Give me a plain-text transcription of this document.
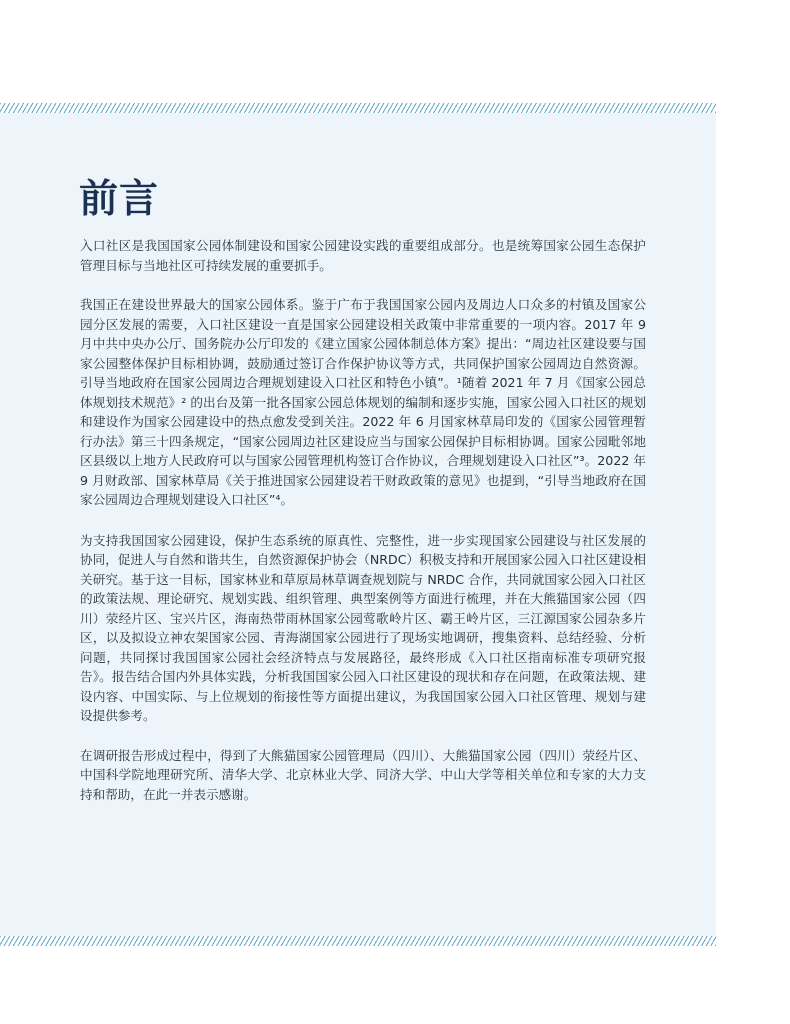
前言

入口社区是我国国家公园体制建设和国家公园建设实践的重要组成部分。也是统筹国家公园生态保护管理目标与当地社区可持续发展的重要抓手。

我国正在建设世界最大的国家公园体系。鉴于广布于我国国家公园内及周边人口众多的村镇及国家公园分区发展的需要，入口社区建设一直是国家公园建设相关政策中非常重要的一项内容。2017 年 9 月中共中央办公厅、国务院办公厅印发的《建立国家公园体制总体方案》提出：“周边社区建设要与国家公园整体保护目标相协调，鼓励通过签订合作保护协议等方式，共同保护国家公园周边自然资源。引导当地政府在国家公园周边合理规划建设入口社区和特色小镇”。¹随着 2021 年 7 月《国家公园总体规划技术规范》² 的出台及第一批各国家公园总体规划的编制和逐步实施，国家公园入口社区的规划和建设作为国家公园建设中的热点愈发受到关注。2022 年 6 月国家林草局印发的《国家公园管理暂行办法》第三十四条规定，“国家公园周边社区建设应当与国家公园保护目标相协调。国家公园毗邻地区县级以上地方人民政府可以与国家公园管理机构签订合作协议，合理规划建设入口社区”³。2022 年 9 月财政部、国家林草局《关于推进国家公园建设若干财政政策的意见》也提到，“引导当地政府在国家公园周边合理规划建设入口社区”⁴。

为支持我国国家公园建设，保护生态系统的原真性、完整性，进一步实现国家公园建设与社区发展的协同，促进人与自然和谐共生，自然资源保护协会（NRDC）积极支持和开展国家公园入口社区建设相关研究。基于这一目标，国家林业和草原局林草调查规划院与 NRDC 合作，共同就国家公园入口社区的政策法规、理论研究、规划实践、组织管理、典型案例等方面进行梳理，并在大熊猫国家公园（四川）荥经片区、宝兴片区，海南热带雨林国家公园莺歌岭片区、霸王岭片区，三江源国家公园杂多片区，以及拟设立神农架国家公园、青海湖国家公园进行了现场实地调研，搜集资料、总结经验、分析问题，共同探讨我国国家公园社会经济特点与发展路径，最终形成《入口社区指南标准专项研究报告》。报告结合国内外具体实践，分析我国国家公园入口社区建设的现状和存在问题，在政策法规、建设内容、中国实际、与上位规划的衔接性等方面提出建议，为我国国家公园入口社区管理、规划与建设提供参考。

在调研报告形成过程中，得到了大熊猫国家公园管理局（四川）、大熊猫国家公园（四川）荥经片区、中国科学院地理研究所、清华大学、北京林业大学、同济大学、中山大学等相关单位和专家的大力支持和帮助，在此一并表示感谢。
